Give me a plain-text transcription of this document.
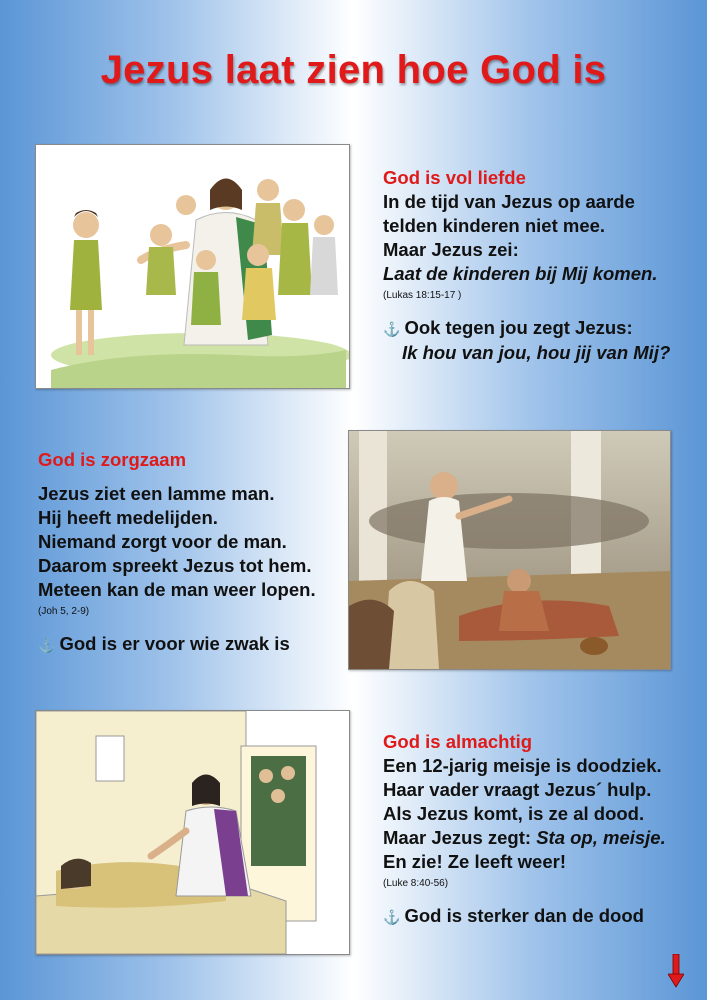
Jezus laat zien hoe God is
God is vol liefde
In de tijd van Jezus op aarde
telden kinderen niet mee.
Maar Jezus zei:
Laat de kinderen bij Mij komen.
(Lukas 18:15-17 )
⚓ Ook tegen jou zegt Jezus:
Ik hou van jou, hou jij van Mij?
God is zorgzaam
Jezus ziet een lamme man.
Hij heeft medelijden.
Niemand zorgt voor de man.
Daarom spreekt Jezus tot hem.
Meteen kan de man weer lopen.
(Joh 5, 2-9)
⚓ God is er voor wie zwak is
God is almachtig
Een 12-jarig meisje is doodziek.
Haar vader vraagt Jezus´ hulp.
Als Jezus komt, is ze al dood.
Maar Jezus zegt: Sta op, meisje.
En zie! Ze leeft weer!
(Luke 8:40-56)
⚓ God is sterker dan de dood
